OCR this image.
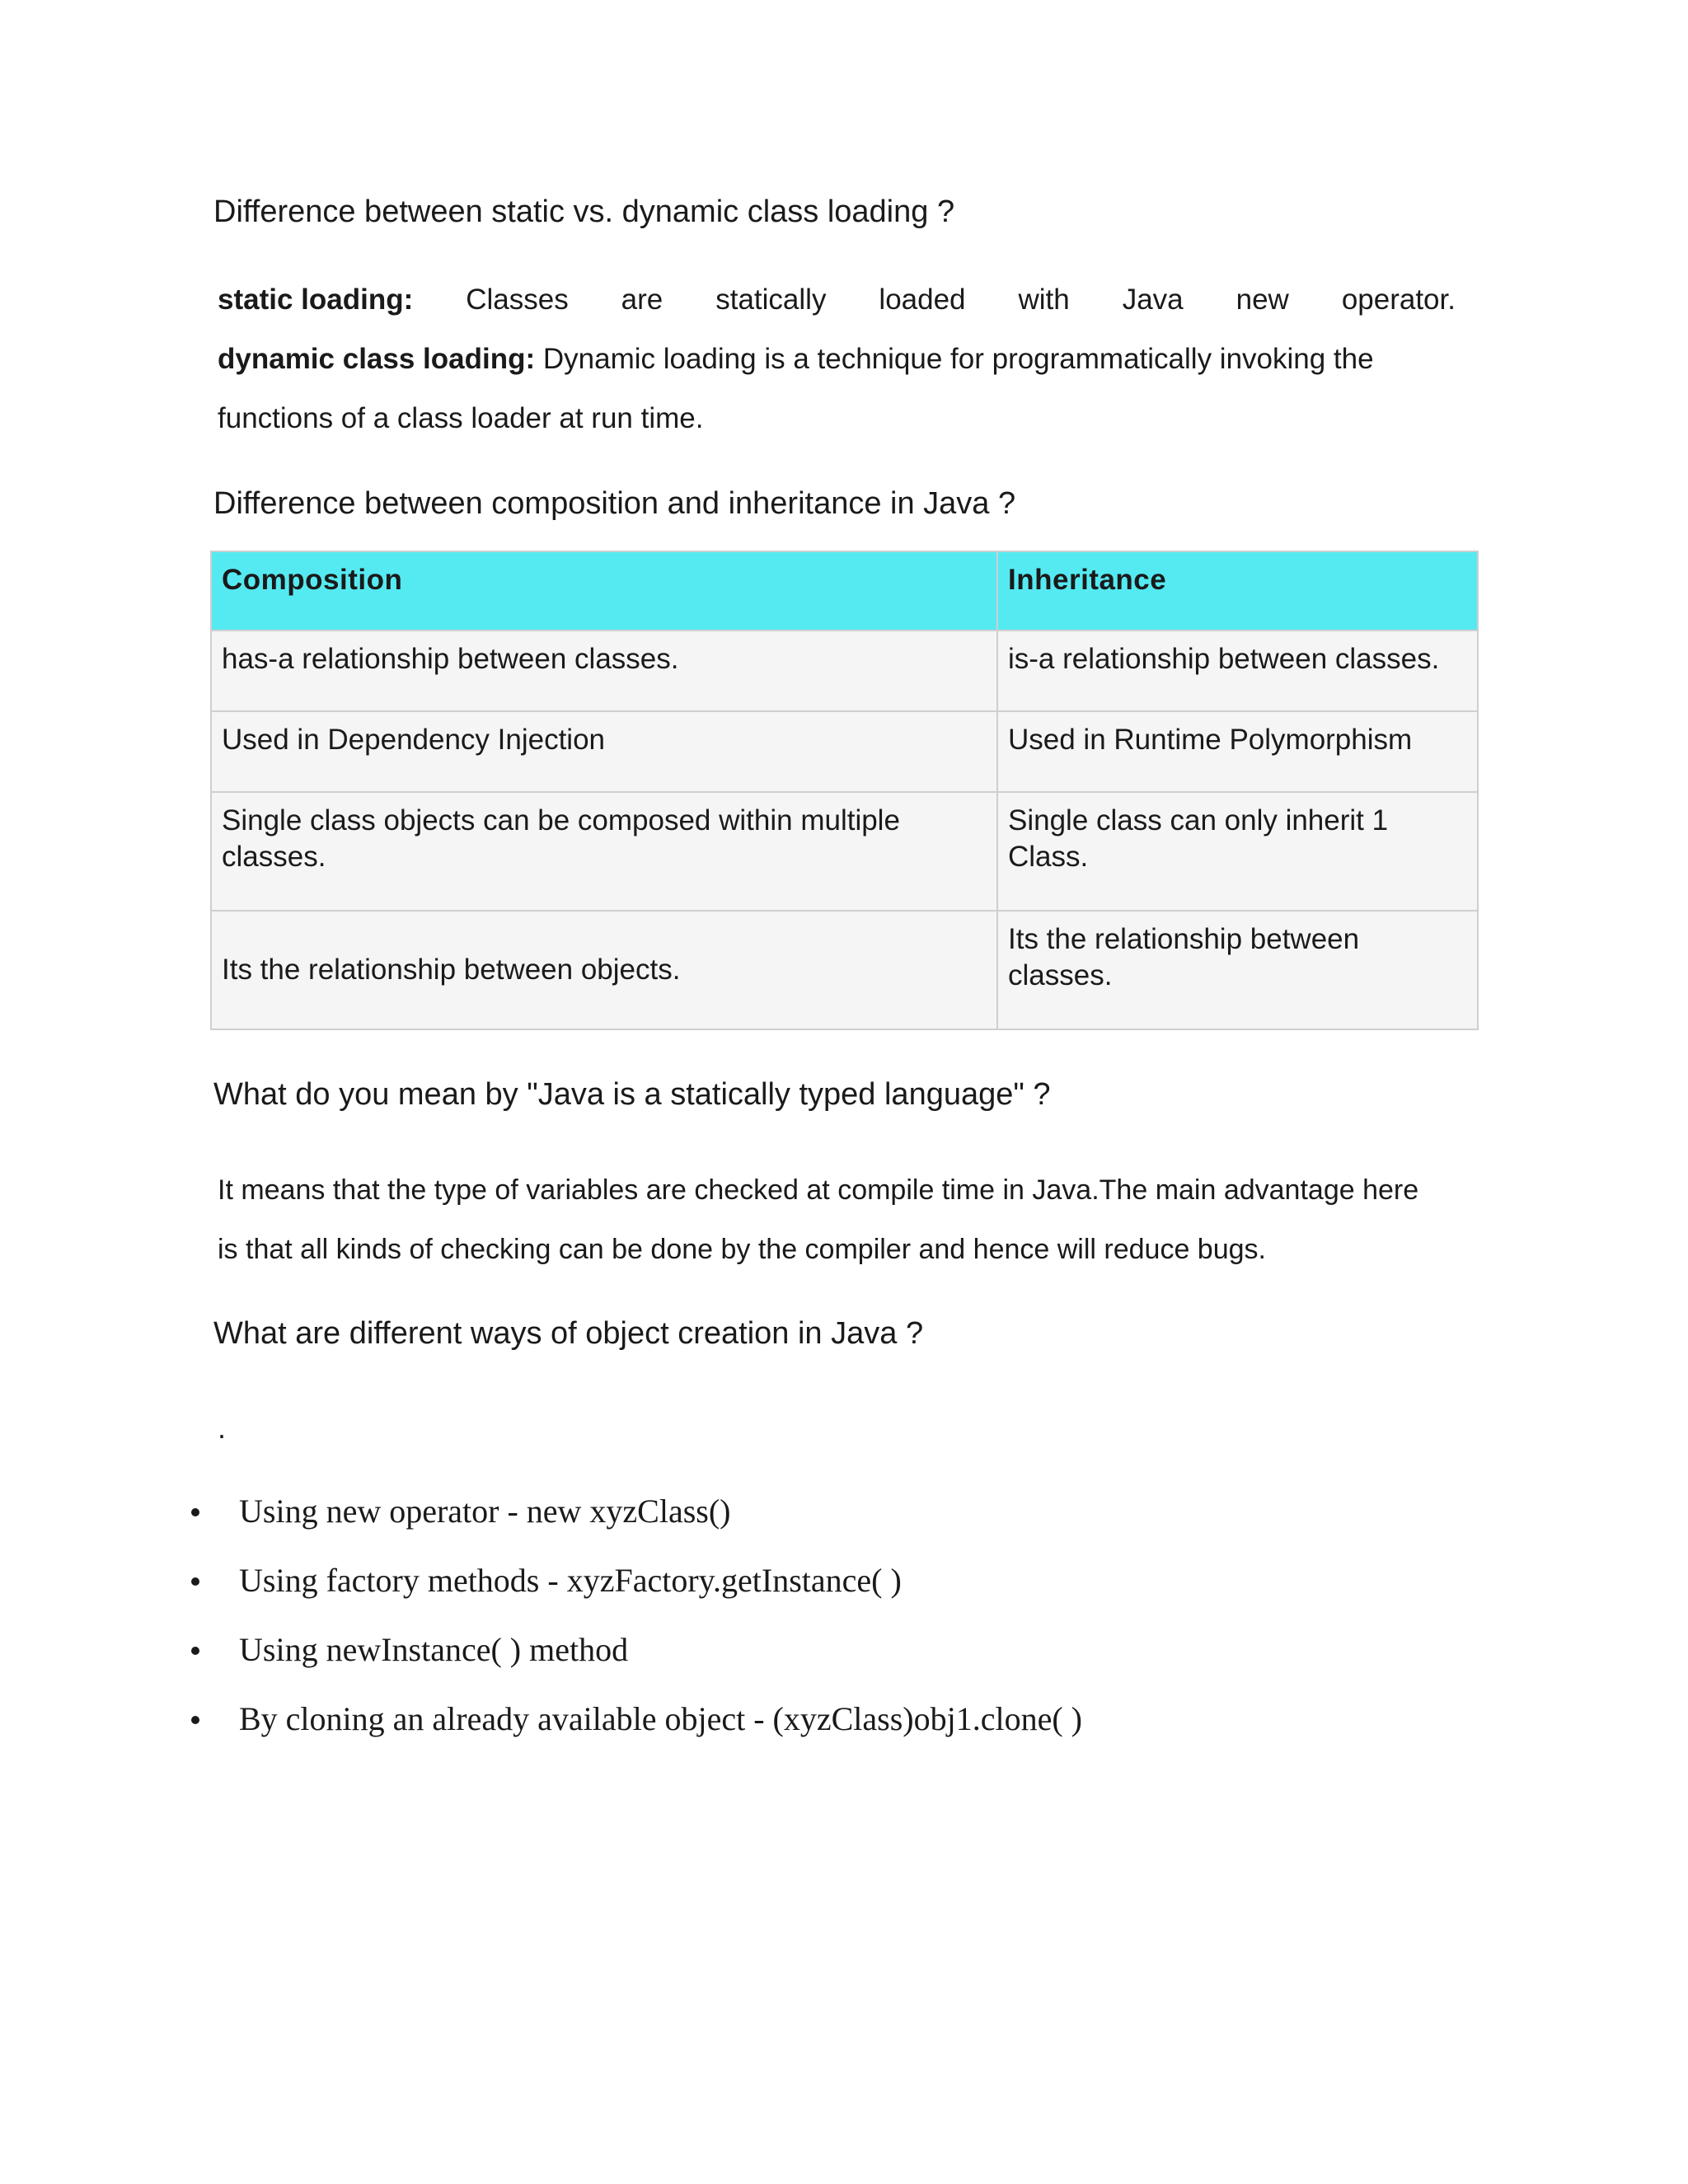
Difference between static vs. dynamic class loading ?
static loading: Classes are statically loaded with Java new operator.
dynamic class loading: Dynamic loading is a technique for programmatically invoking the
functions of a class loader at run time.
Difference between composition and inheritance in Java ?
Composition	Inheritance
has-a relationship between classes.	is-a relationship between classes.
Used in Dependency Injection	Used in Runtime Polymorphism
Single class objects can be composed within multiple classes.	Single class can only inherit 1 Class.
Its the relationship between objects.	Its the relationship between classes.
What do you mean by "Java is a statically typed language" ?
It means that the type of variables are checked at compile time in Java.The main advantage here
is that all kinds of checking can be done by the compiler and hence will reduce bugs.
What are different ways of object creation in Java ?
.
Using new operator - new xyzClass()
Using factory methods - xyzFactory.getInstance( )
Using newInstance( ) method
By cloning an already available object - (xyzClass)obj1.clone( )
